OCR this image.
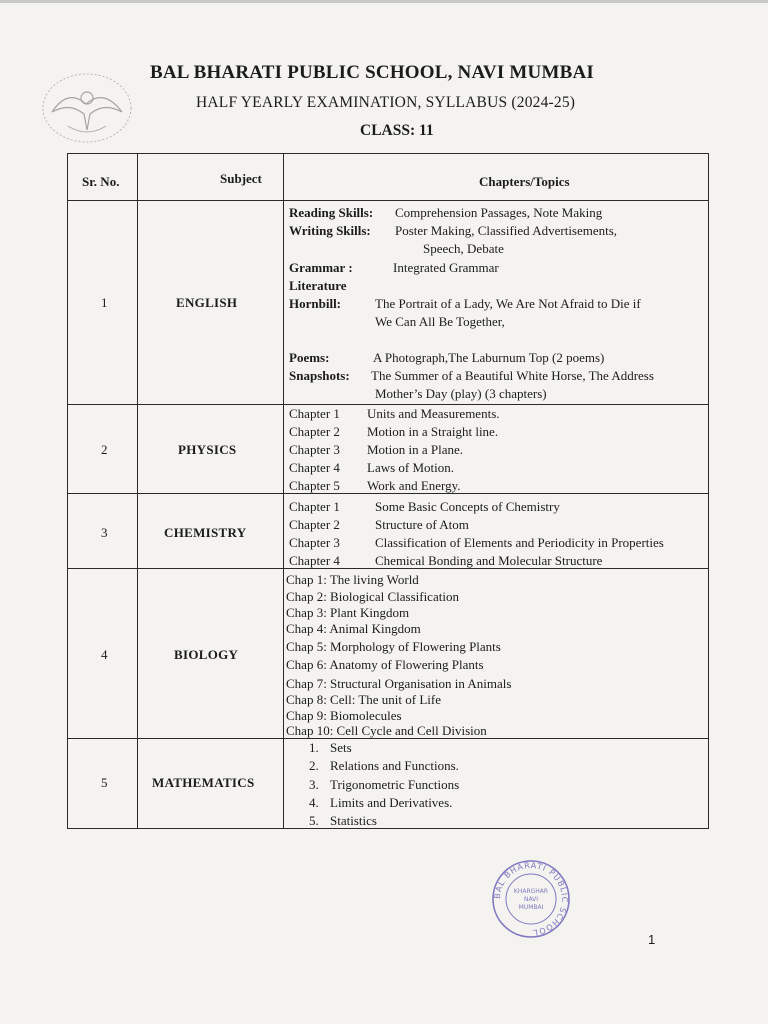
BAL BHARATI PUBLIC SCHOOL, NAVI MUMBAI
HALF YEARLY EXAMINATION, SYLLABUS (2024-25)
CLASS: 11
Sr. No.	Subject	Chapters/Topics
1	ENGLISH
Reading Skills: Comprehension Passages, Note Making
Writing Skills: Poster Making, Classified Advertisements,
Speech, Debate
Grammar :	Integrated Grammar
Literature
Hornbill:	The Portrait of a Lady, We Are Not Afraid to Die if
We Can All Be Together,
Poems:	A Photograph,The Laburnum Top (2 poems)
Snapshots: The Summer of a Beautiful White Horse, The Address
Mother’s Day (play) (3 chapters)
2	PHYSICS
Chapter 1 Units and Measurements.
Chapter 2 Motion in a Straight line.
Chapter 3 Motion in a Plane.
Chapter 4 Laws of Motion.
Chapter 5 Work and Energy.
3	CHEMISTRY
Chapter 1	Some Basic Concepts of Chemistry
Chapter 2	Structure of Atom
Chapter 3	Classification of Elements and Periodicity in Properties
Chapter 4	Chemical Bonding and Molecular Structure
4	BIOLOGY
Chap 1: The living World
Chap 2: Biological Classification
Chap 3: Plant Kingdom
Chap 4: Animal Kingdom
Chap 5: Morphology of Flowering Plants
Chap 6: Anatomy of Flowering Plants
Chap 7: Structural Organisation in Animals
Chap 8: Cell: The unit of Life
Chap 9: Biomolecules
Chap 10: Cell Cycle and Cell Division
5	MATHEMATICS
1. Sets
2. Relations and Functions.
3. Trigonometric Functions
4. Limits and Derivatives.
5. Statistics
BAL BHARATI PUBLIC SCHOOL
KHARGHAR
NAVI
MUMBAI
1
